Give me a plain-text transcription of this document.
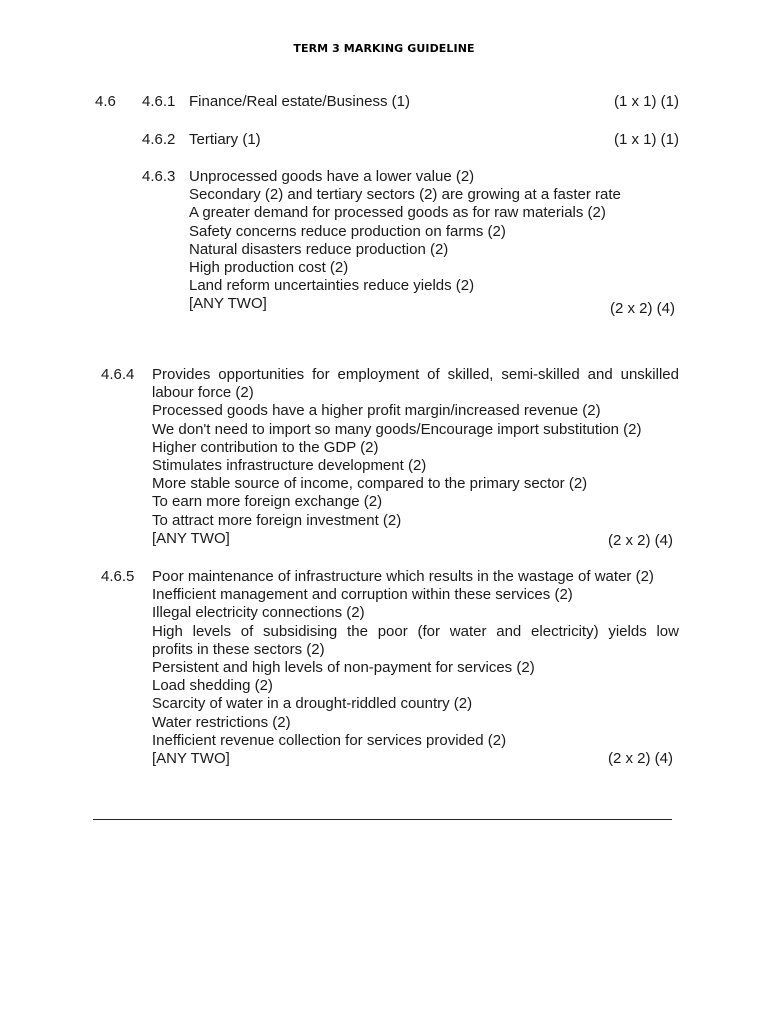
TERM 3 MARKING GUIDELINE
4.6 4.6.1 Finance/Real estate/Business (1)	(1 x 1) (1)
4.6.2 Tertiary (1)	(1 x 1) (1)
4.6.3 Unprocessed goods have a lower value (2)
Secondary (2) and tertiary sectors (2) are growing at a faster rate
A greater demand for processed goods as for raw materials (2)
Safety concerns reduce production on farms (2)
Natural disasters reduce production (2)
High production cost (2)
Land reform uncertainties reduce yields (2)
[ANY TWO]	(2 x 2) (4)
4.6.4 Provides opportunities for employment of skilled, semi-skilled and unskilled
labour force (2)
Processed goods have a higher profit margin/increased revenue (2)
We don't need to import so many goods/Encourage import substitution (2)
Higher contribution to the GDP (2)
Stimulates infrastructure development (2)
More stable source of income, compared to the primary sector (2)
To earn more foreign exchange (2)
To attract more foreign investment (2)
[ANY TWO]	(2 x 2) (4)
4.6.5 Poor maintenance of infrastructure which results in the wastage of water (2)
Inefficient management and corruption within these services (2)
Illegal electricity connections (2)
High levels of subsidising the poor (for water and electricity) yields low
profits in these sectors (2)
Persistent and high levels of non-payment for services (2)
Load shedding (2)
Scarcity of water in a drought-riddled country (2)
Water restrictions (2)
Inefficient revenue collection for services provided (2)
[ANY TWO]	(2 x 2) (4)
